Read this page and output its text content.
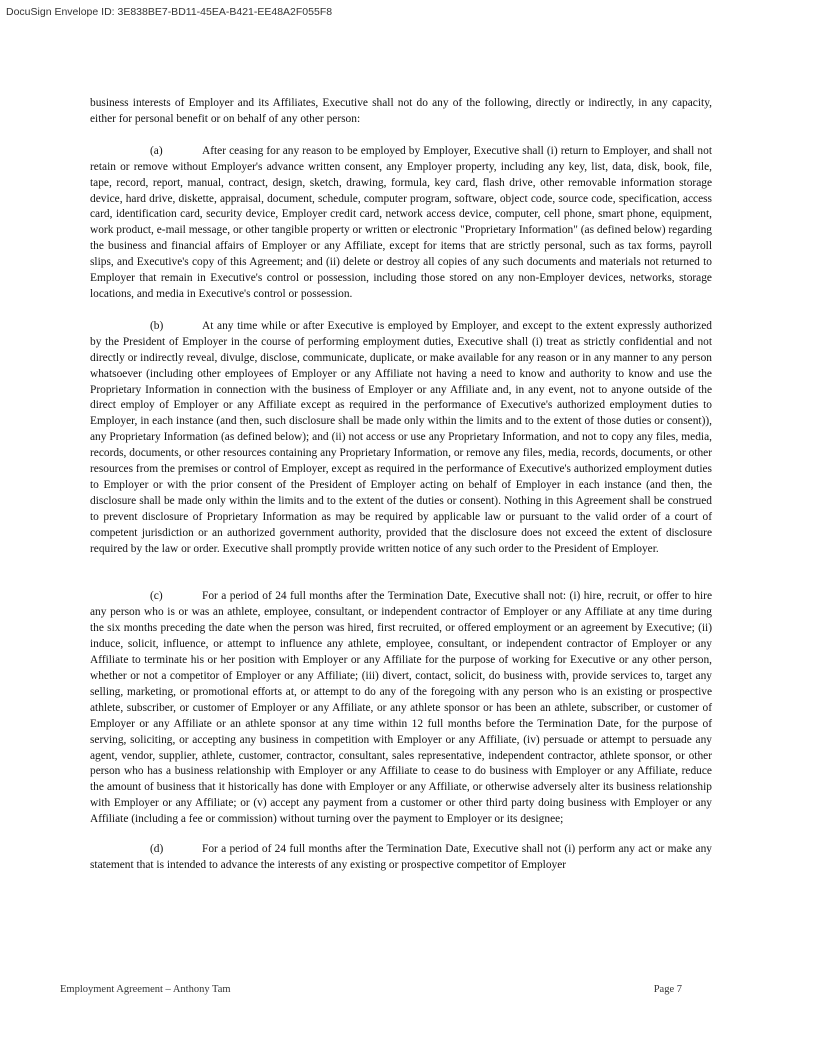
DocuSign Envelope ID: 3E838BE7-BD11-45EA-B421-EE48A2F055F8

business interests of Employer and its Affiliates, Executive shall not do any of the following, directly or indirectly, in any capacity, either for personal benefit or on behalf of any other person:

(a)	After ceasing for any reason to be employed by Employer, Executive shall (i) return to Employer, and shall not retain or remove without Employer's advance written consent, any Employer property, including any key, list, data, disk, book, file, tape, record, report, manual, contract, design, sketch, drawing, formula, key card, flash drive, other removable information storage device, hard drive, diskette, appraisal, document, schedule, computer program, software, object code, source code, specification, access card, identification card, security device, Employer credit card, network access device, computer, cell phone, smart phone, equipment, work product, e-mail message, or other tangible property or written or electronic "Proprietary Information" (as defined below) regarding the business and financial affairs of Employer or any Affiliate, except for items that are strictly personal, such as tax forms, payroll slips, and Executive's copy of this Agreement; and (ii) delete or destroy all copies of any such documents and materials not returned to Employer that remain in Executive's control or possession, including those stored on any non-Employer devices, networks, storage locations, and media in Executive's control or possession.

(b)	At any time while or after Executive is employed by Employer, and except to the extent expressly authorized by the President of Employer in the course of performing employment duties, Executive shall (i) treat as strictly confidential and not directly or indirectly reveal, divulge, disclose, communicate, duplicate, or make available for any reason or in any manner to any person whatsoever (including other employees of Employer or any Affiliate not having a need to know and authority to know and use the Proprietary Information in connection with the business of Employer or any Affiliate and, in any event, not to anyone outside of the direct employ of Employer or any Affiliate except as required in the performance of Executive's authorized employment duties to Employer, in each instance (and then, such disclosure shall be made only within the limits and to the extent of those duties or consent)), any Proprietary Information (as defined below); and (ii) not access or use any Proprietary Information, and not to copy any files, media, records, documents, or other resources containing any Proprietary Information, or remove any files, media, records, documents, or other resources from the premises or control of Employer, except as required in the performance of Executive's authorized employment duties to Employer or with the prior consent of the President of Employer acting on behalf of Employer in each instance (and then, the disclosure shall be made only within the limits and to the extent of the duties or consent). Nothing in this Agreement shall be construed to prevent disclosure of Proprietary Information as may be required by applicable law or pursuant to the valid order of a court of competent jurisdiction or an authorized government authority, provided that the disclosure does not exceed the extent of disclosure required by the law or order. Executive shall promptly provide written notice of any such order to the President of Employer.

(c)	For a period of 24 full months after the Termination Date, Executive shall not: (i) hire, recruit, or offer to hire any person who is or was an athlete, employee, consultant, or independent contractor of Employer or any Affiliate at any time during the six months preceding the date when the person was hired, first recruited, or offered employment or an agreement by Executive; (ii) induce, solicit, influence, or attempt to influence any athlete, employee, consultant, or independent contractor of Employer or any Affiliate to terminate his or her position with Employer or any Affiliate for the purpose of working for Executive or any other person, whether or not a competitor of Employer or any Affiliate; (iii) divert, contact, solicit, do business with, provide services to, target any selling, marketing, or promotional efforts at, or attempt to do any of the foregoing with any person who is an existing or prospective athlete, subscriber, or customer of Employer or any Affiliate, or any athlete sponsor or has been an athlete, subscriber, or customer of Employer or any Affiliate or an athlete sponsor at any time within 12 full months before the Termination Date, for the purpose of serving, soliciting, or accepting any business in competition with Employer or any Affiliate, (iv) persuade or attempt to persuade any agent, vendor, supplier, athlete, customer, contractor, consultant, sales representative, independent contractor, athlete sponsor, or other person who has a business relationship with Employer or any Affiliate to cease to do business with Employer or any Affiliate, reduce the amount of business that it historically has done with Employer or any Affiliate, or otherwise adversely alter its business relationship with Employer or any Affiliate; or (v) accept any payment from a customer or other third party doing business with Employer or any Affiliate (including a fee or commission) without turning over the payment to Employer or its designee;

(d)	For a period of 24 full months after the Termination Date, Executive shall not (i) perform any act or make any statement that is intended to advance the interests of any existing or prospective competitor of Employer

Employment Agreement – Anthony Tam	Page 7
